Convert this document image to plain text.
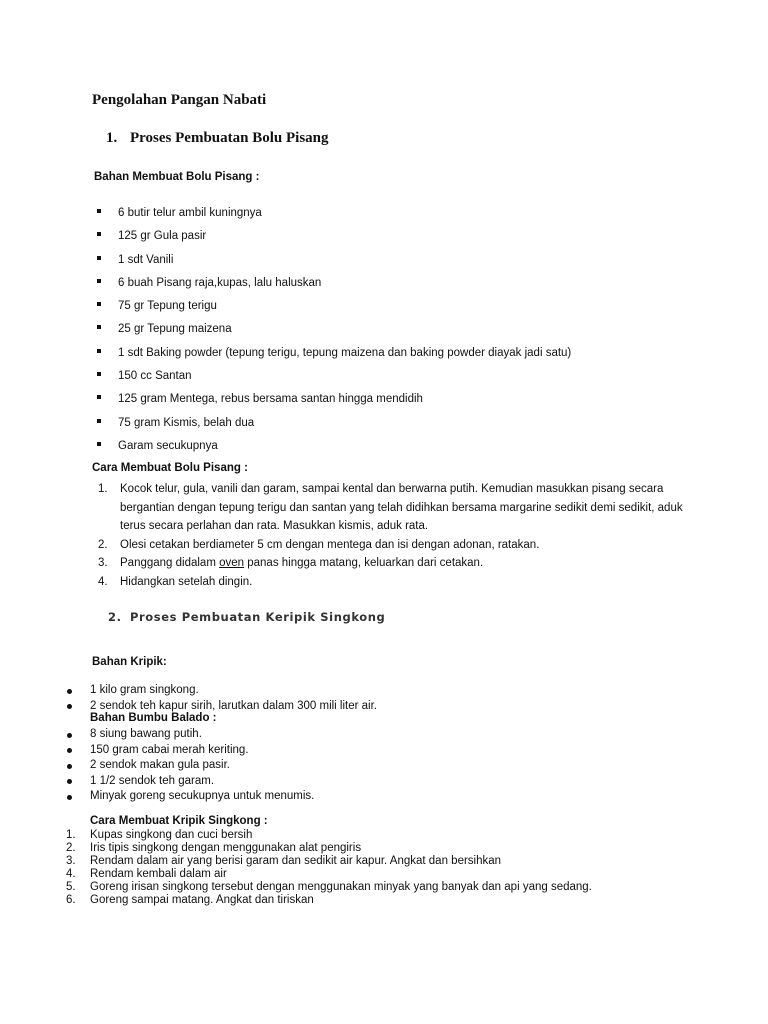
Pengolahan Pangan Nabati
1. Proses Pembuatan Bolu Pisang

Bahan Membuat Bolu Pisang :

6 butir telur ambil kuningnya
125 gr Gula pasir
1 sdt Vanili
6 buah Pisang raja,kupas, lalu haluskan
75 gr Tepung terigu
25 gr Tepung maizena
1 sdt Baking powder (tepung terigu, tepung maizena dan baking powder diayak jadi satu)
150 cc Santan
125 gram Mentega, rebus bersama santan hingga mendidih
75 gram Kismis, belah dua
Garam secukupnya

Cara Membuat Bolu Pisang :

1. Kocok telur, gula, vanili dan garam, sampai kental dan berwarna putih. Kemudian masukkan pisang secara bergantian dengan tepung terigu dan santan yang telah didihkan bersama margarine sedikit demi sedikit, aduk terus secara perlahan dan rata. Masukkan kismis, aduk rata.
2. Olesi cetakan berdiameter 5 cm dengan mentega dan isi dengan adonan, ratakan.
3. Panggang didalam oven panas hingga matang, keluarkan dari cetakan.
4. Hidangkan setelah dingin.
2. Proses Pembuatan Keripik Singkong

Bahan Kripik:

1 kilo gram singkong.
2 sendok teh kapur sirih, larutkan dalam 300 mili liter air.

Bahan Bumbu Balado :

8 siung bawang putih.
150 gram cabai merah keriting.
2 sendok makan gula pasir.
1 1/2 sendok teh garam.
Minyak goreng secukupnya untuk menumis.

Cara Membuat Kripik Singkong :

1. Kupas singkong dan cuci bersih
2. Iris tipis singkong dengan menggunakan alat pengiris
3. Rendam dalam air yang berisi garam dan sedikit air kapur. Angkat dan bersihkan
4. Rendam kembali dalam air
5. Goreng irisan singkong tersebut dengan menggunakan minyak yang banyak dan api yang sedang.
6. Goreng sampai matang. Angkat dan tiriskan
